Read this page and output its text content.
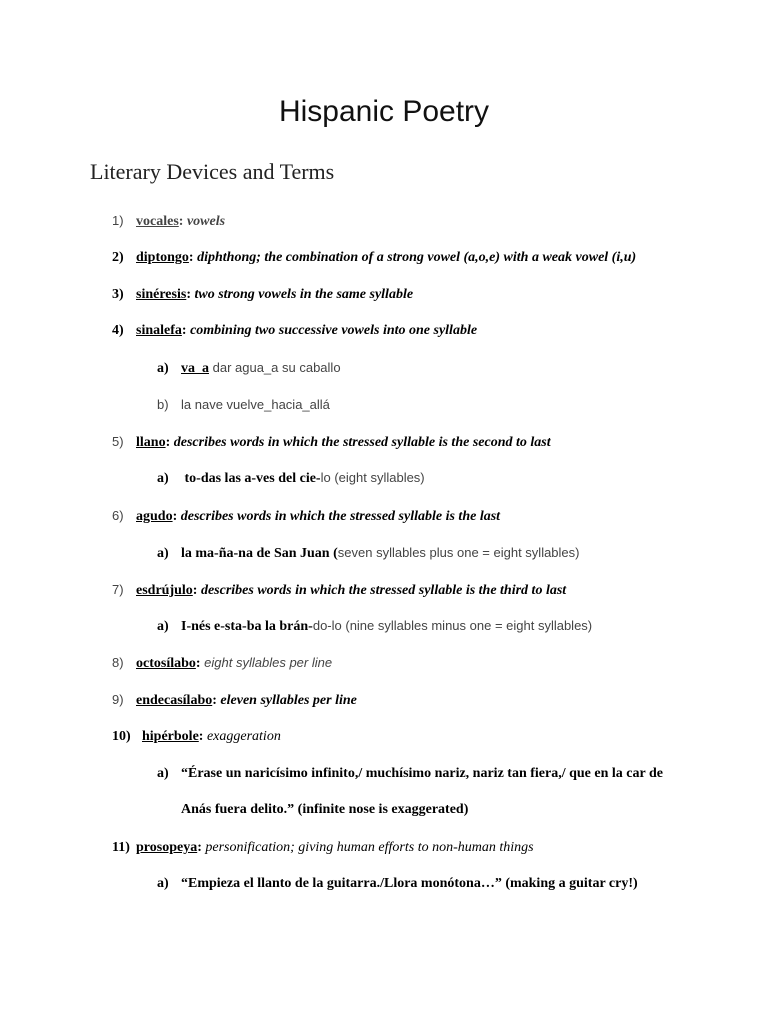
Hispanic Poetry
Literary Devices and Terms
1) vocales: vowels
2) diptongo: diphthong; the combination of a strong vowel (a,o,e) with a weak vowel (i,u)
3) sinéresis: two strong vowels in the same syllable
4) sinalefa: combining two successive vowels into one syllable
a) va_a dar agua_a su caballo
b) la nave vuelve_hacia_allá
5) llano: describes words in which the stressed syllable is the second to last
a) to-das las a-ves del cie-lo (eight syllables)
6) agudo: describes words in which the stressed syllable is the last
a) la ma-ña-na de San Juan (seven syllables plus one = eight syllables)
7) esdrújulo: describes words in which the stressed syllable is the third to last
a) I-nés e-sta-ba la brán-do-lo (nine syllables minus one = eight syllables)
8) octosílabo: eight syllables per line
9) endecasílabo: eleven syllables per line
10) hipérbole: exaggeration
a) “Érase un naricísimo infinito,/ muchísimo nariz, nariz tan fiera,/ que en la car de
Anás fuera delito.” (infinite nose is exaggerated)
11) prosopeya: personification; giving human efforts to non-human things
a) “Empieza el llanto de la guitarra./Llora monótona…” (making a guitar cry!)
